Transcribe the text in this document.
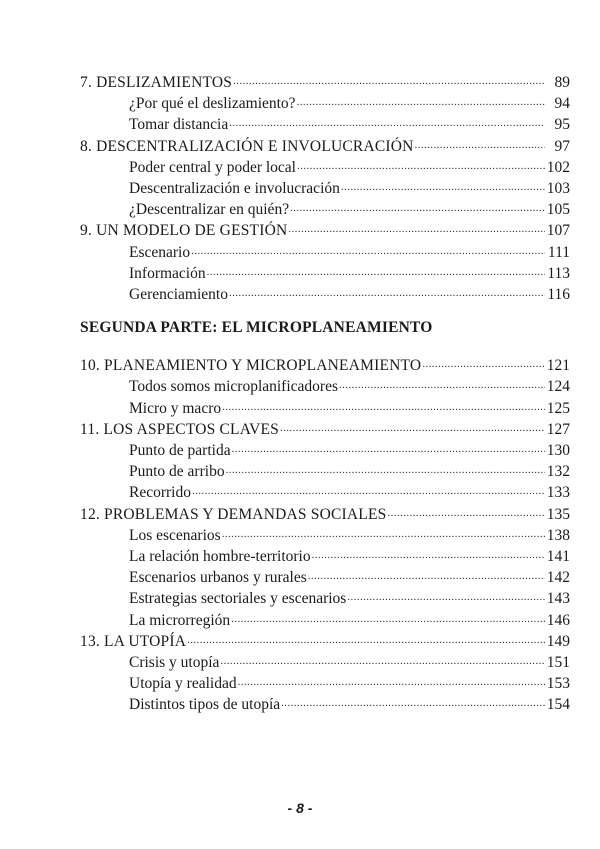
7. DESLIZAMIENTOS .....	89
¿Por qué el deslizamiento? .....	94
Tomar distancia .....	95
8. DESCENTRALIZACIÓN E INVOLUCRACIÓN .....	97
Poder central y poder local .....	102
Descentralización e involucración .....	103
¿Descentralizar en quién? .....	105
9. UN MODELO DE GESTIÓN .....	107
Escenario .....	111
Información .....	113
Gerenciamiento .....	116
SEGUNDA PARTE: EL MICROPLANEAMIENTO
10. PLANEAMIENTO Y MICROPLANEAMIENTO .....	121
Todos somos microplanificadores .....	124
Micro y macro .....	125
11. LOS ASPECTOS CLAVES .....	127
Punto de partida .....	130
Punto de arribo .....	132
Recorrido .....	133
12. PROBLEMAS Y DEMANDAS SOCIALES .....	135
Los escenarios .....	138
La relación hombre-territorio .....	141
Escenarios urbanos y rurales .....	142
Estrategias sectoriales y escenarios .....	143
La microrregión .....	146
13. LA UTOPÍA .....	149
Crisis y utopía .....	151
Utopía y realidad .....	153
Distintos tipos de utopía .....	154
- 8 -
